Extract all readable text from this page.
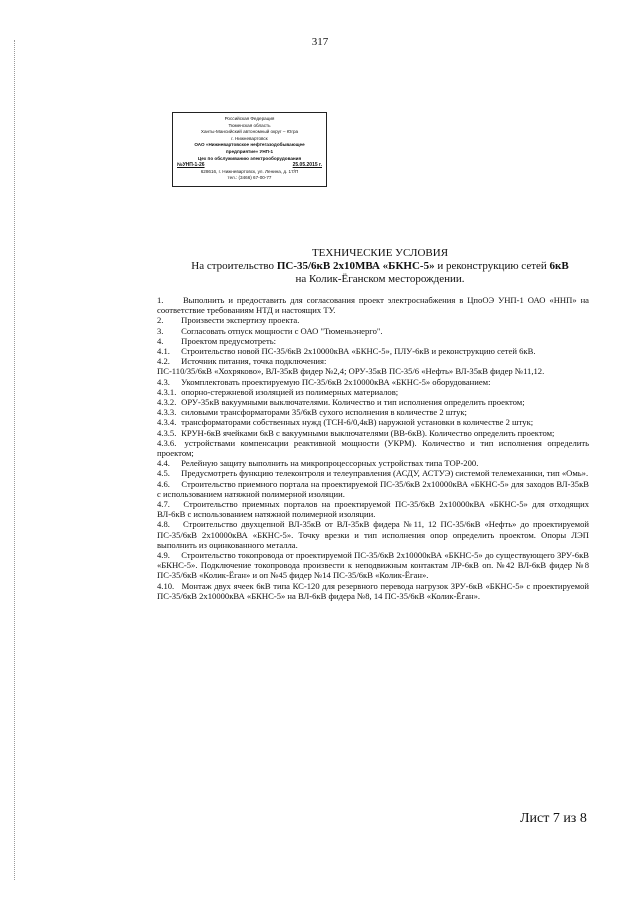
317
Российская Федерация
Тюменская область
Ханты-Мансийский автономный округ – Югра
г. Нижневартовск
ОАО «Нижневартовское нефтегазодобывающее
предприятие» УНП-1
Цех по обслуживанию электрооборудования
№УНП-1-26	25.05.2015 г.
628616, г. Нижневартовск, ул. Ленина, д. 17/П
тел.: (3466) 67-00-77
ТЕХНИЧЕСКИЕ УСЛОВИЯ
На строительство ПС-35/6кВ 2х10МВА «БКНС-5» и реконструкцию сетей 6кВ
на Колик-Ёганском месторождении.
1. Выполнить и предоставить для согласования проект электроснабжения в ЦпоОЭ УНП-1 ОАО «ННП» на соответствие требованиям НТД и настоящих ТУ.
2. Произвести экспертизу проекта.
3. Согласовать отпуск мощности с ОАО "Тюменьэнерго".
4. Проектом предусмотреть:
4.1. Строительство новой ПС-35/6кВ 2х10000кВА «БКНС-5», ПЛУ-6кВ и реконструкцию сетей 6кВ.
4.2. Источник питания, точка подключения:
ПС-110/35/6кВ «Хохряково», ВЛ-35кВ фидер №2,4; ОРУ-35кВ ПС-35/6 «Нефть» ВЛ-35кВ фидер №11,12.
4.3. Укомплектовать проектируемую ПС-35/6кВ 2х10000кВА «БКНС-5» оборудованием:
4.3.1. опорно-стержневой изоляцией из полимерных материалов;
4.3.2. ОРУ-35кВ вакуумными выключателями. Количество и тип исполнения определить проектом;
4.3.3. силовыми трансформаторами 35/6кВ сухого исполнения в количестве 2 штук;
4.3.4. трансформаторами собственных нужд (ТСН-6/0,4кВ) наружной установки в количестве 2 штук;
4.3.5. КРУН-6кВ ячейками 6кВ с вакуумными выключателями (ВВ-6кВ). Количество определить проектом;
4.3.6. устройствами компенсации реактивной мощности (УКРМ). Количество и тип исполнения определить проектом;
4.4. Релейную защиту выполнить на микропроцессорных устройствах типа ТОР-200.
4.5. Предусмотреть функцию телеконтроля и телеуправления (АСДУ, АСТУЭ) системой телемеханики, тип «Омь».
4.6. Строительство приемного портала на проектируемой ПС-35/6кВ 2х10000кВА «БКНС-5» для заходов ВЛ-35кВ с использованием натяжной полимерной изоляции.
4.7. Строительство приемных порталов на проектируемой ПС-35/6кВ 2х10000кВА «БКНС-5» для отходящих ВЛ-6кВ с использованием натяжной полимерной изоляции.
4.8. Строительство двухцепной ВЛ-35кВ от ВЛ-35кВ фидера №11, 12 ПС-35/6кВ «Нефть» до проектируемой ПС-35/6кВ 2х10000кВА «БКНС-5». Точку врезки и тип исполнения опор определить проектом. Опоры ЛЭП выполнить из оцинкованного металла.
4.9. Строительство токопровода от проектируемой ПС-35/6кВ 2х10000кВА «БКНС-5» до существующего ЗРУ-6кВ «БКНС-5». Подключение токопровода произвести к неподвижным контактам ЛР-6кВ оп. №42 ВЛ-6кВ фидер №8 ПС-35/6кВ «Колик-Ёган» и оп №45 фидер №14 ПС-35/6кВ «Колик-Ёган».
4.10. Монтаж двух ячеек 6кВ типа КС-120 для резервного перевода нагрузок ЗРУ-6кВ «БКНС-5» с проектируемой ПС-35/6кВ 2х10000кВА «БКНС-5» на ВЛ-6кВ фидера №8, 14 ПС-35/6кВ «Колик-Ёган».
Лист 7 из 8
